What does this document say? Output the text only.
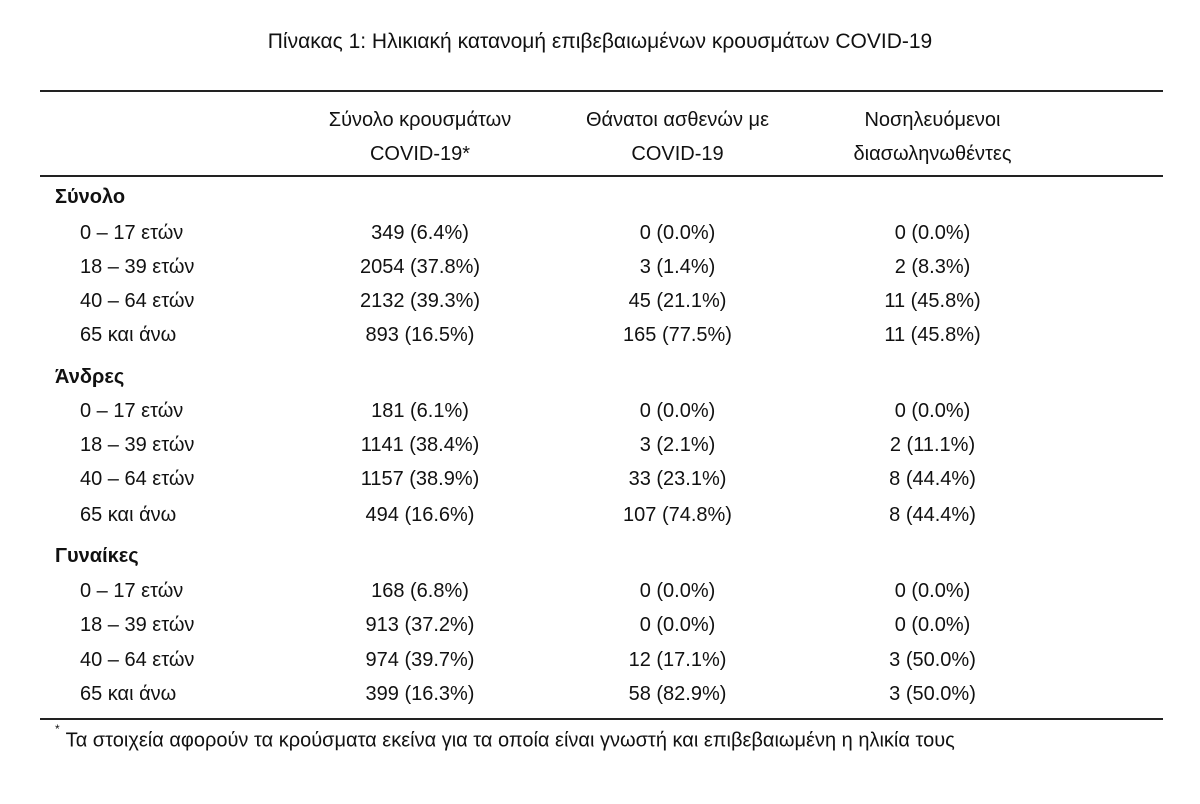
Πίνακας 1: Ηλικιακή κατανομή επιβεβαιωμένων κρουσμάτων COVID-19
Σύνολο κρουσμάτων
COVID-19*
Θάνατοι ασθενών με
COVID-19
Νοσηλευόμενοι
διασωληνωθέντες
Σύνολο
0 – 17 ετών	349 (6.4%)	0 (0.0%)	0 (0.0%)
18 – 39 ετών	2054 (37.8%)	3 (1.4%)	2 (8.3%)
40 – 64 ετών	2132 (39.3%)	45 (21.1%)	11 (45.8%)
65 και άνω	893 (16.5%)	165 (77.5%)	11 (45.8%)
Άνδρες
0 – 17 ετών	181 (6.1%)	0 (0.0%)	0 (0.0%)
18 – 39 ετών	1141 (38.4%)	3 (2.1%)	2 (11.1%)
40 – 64 ετών	1157 (38.9%)	33 (23.1%)	8 (44.4%)
65 και άνω	494 (16.6%)	107 (74.8%)	8 (44.4%)
Γυναίκες
0 – 17 ετών	168 (6.8%)	0 (0.0%)	0 (0.0%)
18 – 39 ετών	913 (37.2%)	0 (0.0%)	0 (0.0%)
40 – 64 ετών	974 (39.7%)	12 (17.1%)	3 (50.0%)
65 και άνω	399 (16.3%)	58 (82.9%)	3 (50.0%)
*Τα στοιχεία αφορούν τα κρούσματα εκείνα για τα οποία είναι γνωστή και επιβεβαιωμένη η ηλικία τους
